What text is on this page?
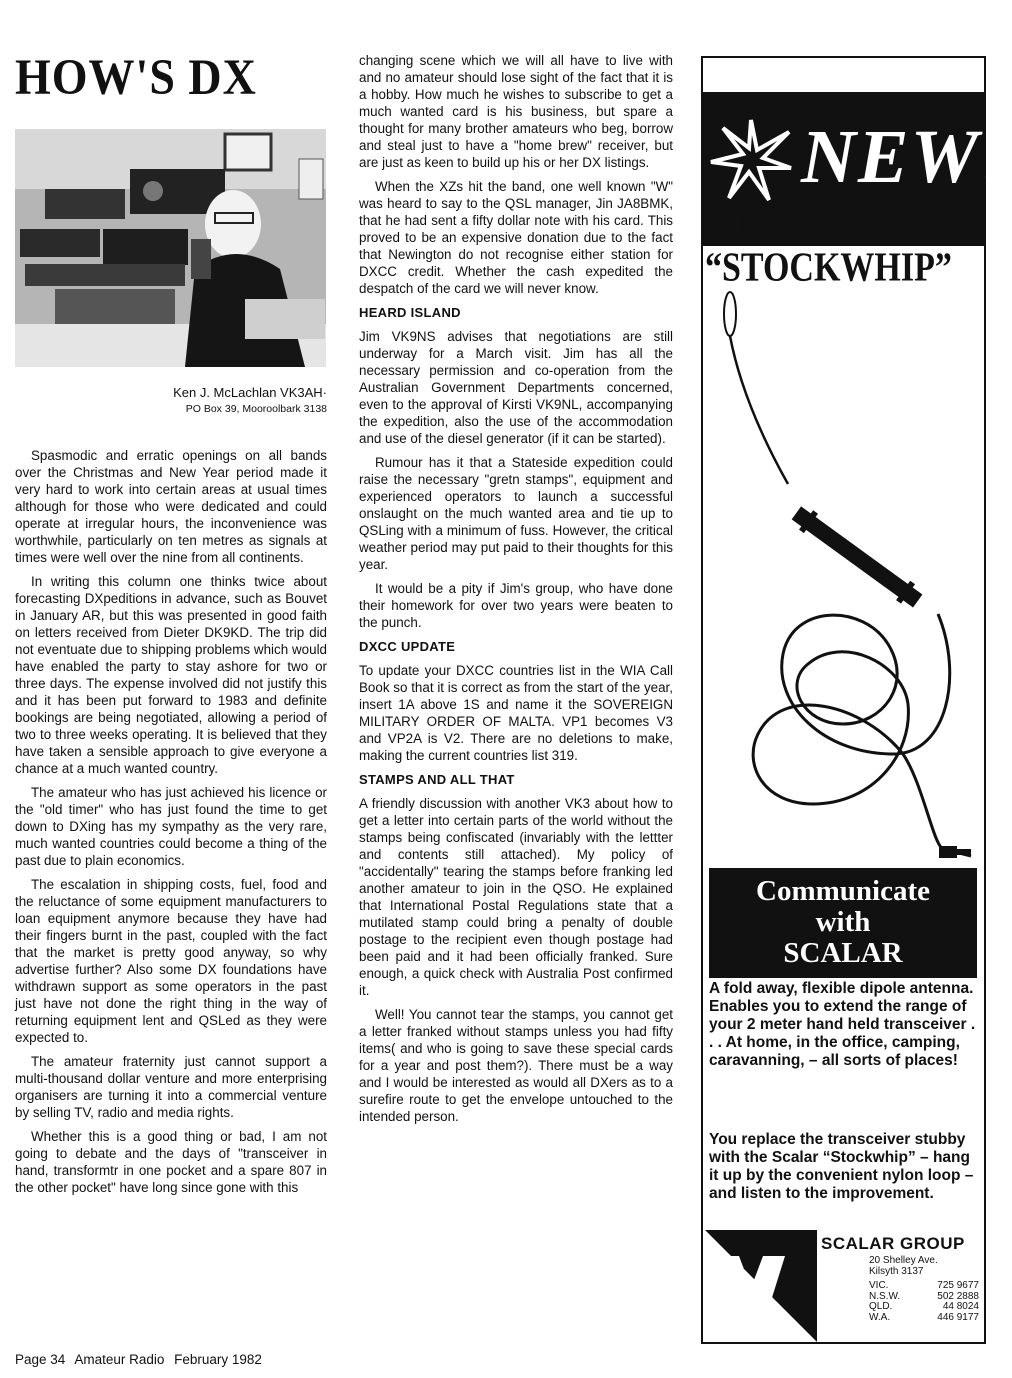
HOW'S DX
Ken J. McLachlan VK3AH·
PO Box 39, Mooroolbark 3138

Spasmodic and erratic openings on all bands over the Christmas and New Year period made it very hard to work into certain areas at usual times although for those who were dedicated and could operate at irregular hours, the inconvenience was worthwhile, particularly on ten metres as signals at times were well over the nine from all continents.

In writing this column one thinks twice about forecasting DXpeditions in advance, such as Bouvet in January AR, but this was presented in good faith on letters received from Dieter DK9KD. The trip did not eventuate due to shipping problems which would have enabled the party to stay ashore for two or three days. The expense involved did not justify this and it has been put forward to 1983 and definite bookings are being negotiated, allowing a period of two to three weeks operating. It is believed that they have taken a sensible approach to give everyone a chance at a much wanted country.

The amateur who has just achieved his licence or the "old timer" who has just found the time to get down to DXing has my sympathy as the very rare, much wanted countries could become a thing of the past due to plain economics.

The escalation in shipping costs, fuel, food and the reluctance of some equipment manufacturers to loan equipment anymore because they have had their fingers burnt in the past, coupled with the fact that the market is pretty good anyway, so why advertise further? Also some DX foundations have withdrawn support as some operators in the past just have not done the right thing in the way of returning equipment lent and QSLed as they were expected to.

The amateur fraternity just cannot support a multi-thousand dollar venture and more enterprising organisers are turning it into a commercial venture by selling TV, radio and media rights.

Whether this is a good thing or bad, I am not going to debate and the days of "transceiver in hand, transformtr in one pocket and a spare 807 in the other pocket" have long since gone with this

changing scene which we will all have to live with and no amateur should lose sight of the fact that it is a hobby. How much he wishes to subscribe to get a much wanted card is his business, but spare a thought for many brother amateurs who beg, borrow and steal just to have a "home brew" receiver, but are just as keen to build up his or her DX listings.

When the XZs hit the band, one well known "W" was heard to say to the QSL manager, Jin JA8BMK, that he had sent a fifty dollar note with his card. This proved to be an expensive donation due to the fact that Newington do not recognise either station for DXCC credit. Whether the cash expedited the despatch of the card we will never know.

HEARD ISLAND

Jim VK9NS advises that negotiations are still underway for a March visit. Jim has all the necessary permission and co-operation from the Australian Government Departments concerned, even to the approval of Kirsti VK9NL, accompanying the expedition, also the use of the accommodation and use of the diesel generator (if it can be started).

Rumour has it that a Stateside expedition could raise the necessary "gretn stamps", equipment and experienced operators to launch a successful onslaught on the much wanted area and tie up to QSLing with a minimum of fuss. However, the critical weather period may put paid to their thoughts for this year.

It would be a pity if Jim's group, who have done their homework for over two years were beaten to the punch.

DXCC UPDATE

To update your DXCC countries list in the WIA Call Book so that it is correct as from the start of the year, insert 1A above 1S and name it the SOVEREIGN MILITARY ORDER OF MALTA. VP1 becomes V3 and VP2A is V2. There are no deletions to make, making the current countries list 319.

STAMPS AND ALL THAT

A friendly discussion with another VK3 about how to get a letter into certain parts of the world without the stamps being confiscated (invariably with the lettter and contents still attached). My policy of "accidentally" tearing the stamps before franking led another amateur to join in the QSO. He explained that International Postal Regulations state that a mutilated stamp could bring a penalty of double postage to the recipient even though postage had been paid and it had been officially franked. Sure enough, a quick check with Australia Post confirmed it.

Well! You cannot tear the stamps, you cannot get a letter franked without stamps unless you had fifty items( and who is going to save these special cards for a year and post them?). There must be a way and I would be interested as would all DXers as to a surefire route to get the envelope untouched to the intended person.

Page 34 Amateur Radio February 1982
NEW!
2 METRE
“STOCKWHIP”
Communicate
with
SCALAR
A fold away, flexible dipole antenna. Enables you to extend the range of your 2 meter hand held transceiver . . . At home, in the office, camping, caravanning, – all sorts of places!
You replace the transceiver stubby with the Scalar “Stockwhip” – hang it up by the convenient nylon loop – and listen to the improvement.
SCALAR GROUP
20 Shelley Ave.
Kilsyth 3137
VIC.	725 9677
N.S.W.	502 2888
QLD.	44 8024
W.A.	446 9177
